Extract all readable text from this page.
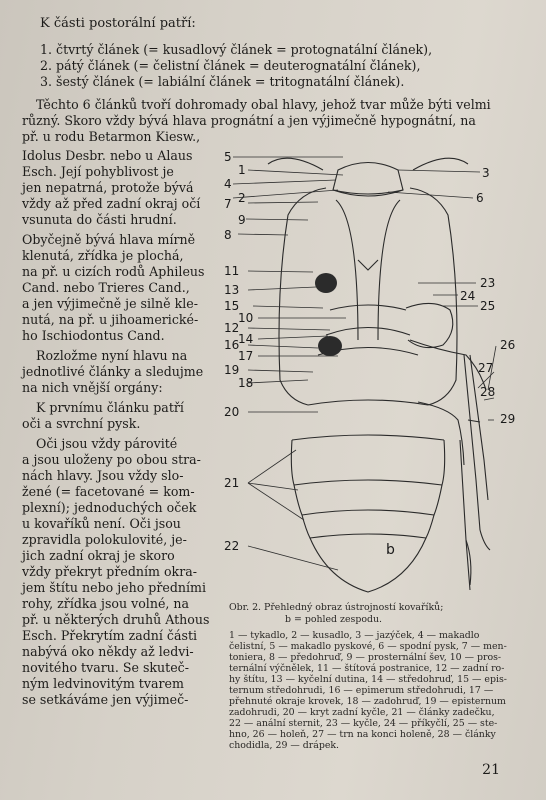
K části postorální patří:
1. čtvrtý článek (= kusadlový článek = protognatální článek),
2. pátý článek (= čelistní článek = deuterognatální článek),
3. šestý článek (= labiální článek = tritognatální článek).
Těchto 6 článků tvoří dohromady obal hlavy, jehož tvar může býti velmi
různý. Skoro vždy bývá hlava prognátní a jen výjimečně hypognátní, na
př. u rodu Betarmon Kiesw.,
Idolus Desbr. nebo u Alaus
Esch. Její pohyblivost je
jen nepatrná, protože bývá
vždy až před zadní okraj očí
vsunuta do části hrudní.
Obyčejně bývá hlava mírně
klenutá, zřídka je plochá,
na př. u cizích rodů Aphileus
Cand. nebo Trieres Cand.,
a jen výjimečně je silně kle-
nutá, na př. u jihoamerické-
ho Ischiodontus Cand.
Rozložme nyní hlavu na
jednotlivé články a sledujme
na nich vnější orgány:
K prvnímu článku patří
oči a svrchní pysk.
Oči jsou vždy párovité
a jsou uloženy po obou stra-
nách hlavy. Jsou vždy slo-
žené (= facetované = kom-
plexní); jednoduchých oček
u kovaříků není. Oči jsou
zpravidla polokulovité, je-
jich zadní okraj je skoro
vždy překryt předním okra-
jem štítu nebo jeho předními
rohy, zřídka jsou volné, na
př. u některých druhů Athous
Esch. Překrytím zadní části
nabývá oko někdy až ledvi-
novitého tvaru. Se skuteč-
ným ledvinovitým tvarem
se setkáváme jen výjimeč-
5
1
4
2
7
9
8
11
13
15
10
12
14
16
17
19
18
20
21
22
3
6
23
24
25
26
27
28
29
b
Obr. 2. Přehledný obraz ústrojností kovaříků;
b = pohled zespodu.
1 — tykadlo, 2 — kusadlo, 3 — jazýček, 4 — makadlo
čelistní, 5 — makadlo pyskové, 6 — spodní pysk, 7 — men-
toniera, 8 — předohruď, 9 — prosternální šev, 10 — pros-
ternální výčnělek, 11 — štítová postranice, 12 — zadní ro-
hy štítu, 13 — kyčelní dutina, 14 — středohruď, 15 — epis-
ternum středohrudi, 16 — epimerum středohrudi, 17 —
přehnuté okraje krovek, 18 — zadohruď, 19 — episternum
zadohrudi, 20 — kryt zadní kyčle, 21 — články zadečku,
22 — anální sternit, 23 — kyčle, 24 — příkyčlí, 25 — ste-
hno, 26 — holeň, 27 — trn na konci holeně, 28 — články
chodidla, 29 — drápek.
21
